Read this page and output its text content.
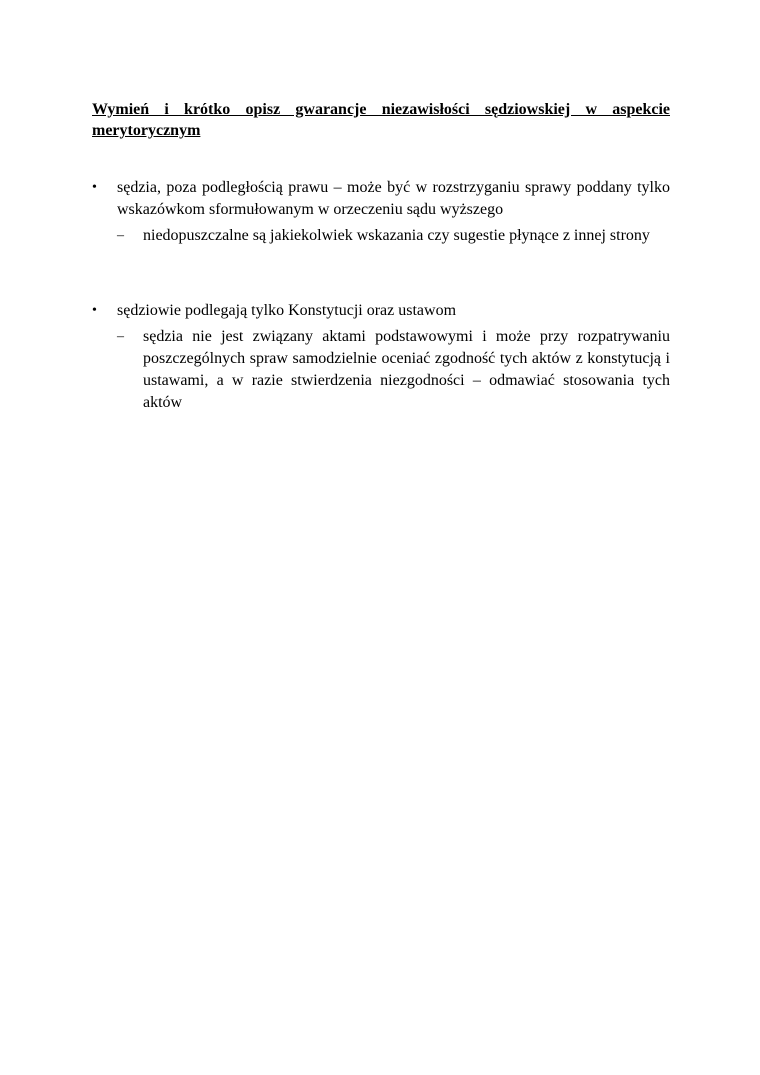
Wymień i krótko opisz gwarancje niezawisłości sędziowskiej w aspekcie merytorycznym

•	sędzia, poza podległością prawu – może być w rozstrzyganiu sprawy poddany tylko wskazówkom sformułowanym w orzeczeniu sądu wyższego
–	niedopuszczalne są jakiekolwiek wskazania czy sugestie płynące z innej strony
•	sędziowie podlegają tylko Konstytucji oraz ustawom
–	sędzia nie jest związany aktami podstawowymi i może przy rozpatrywaniu poszczególnych spraw samodzielnie oceniać zgodność tych aktów z konstytucją i ustawami, a w razie stwierdzenia niezgodności – odmawiać stosowania tych aktów
